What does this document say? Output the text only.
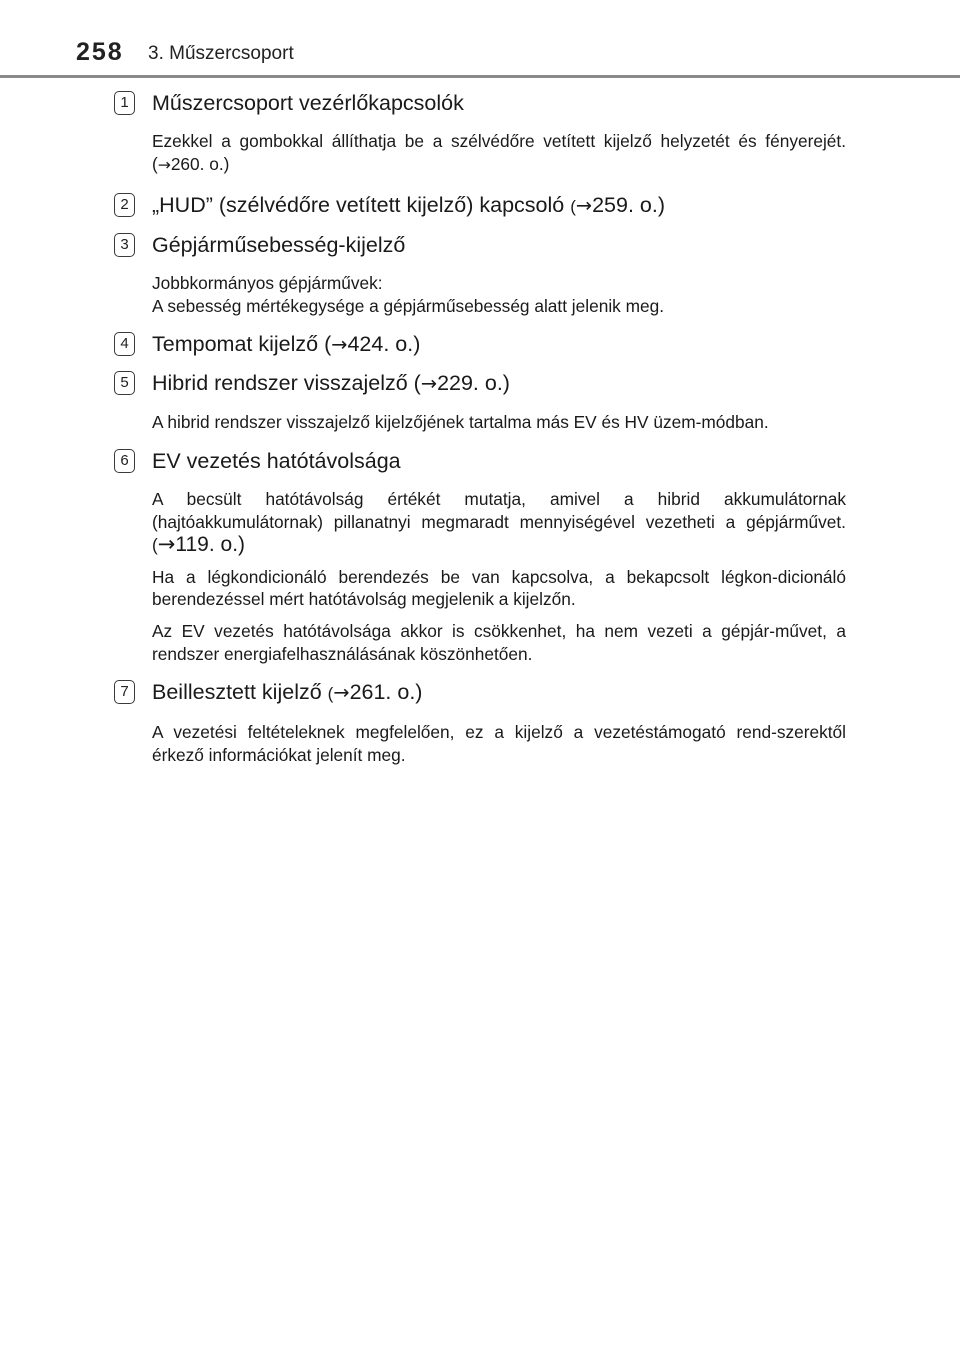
258 3. Műszercsoport
1 Műszercsoport vezérlőkapcsolók
Ezekkel a gombokkal állíthatja be a szélvédőre vetített kijelző helyzetét és fényerejét. (→260. o.)
2 „HUD” (szélvédőre vetített kijelző) kapcsoló (→259. o.)
3 Gépjárműsebesség-kijelző
Jobbkormányos gépjárművek:
A sebesség mértékegysége a gépjárműsebesség alatt jelenik meg.
4 Tempomat kijelző (→424. o.)
5 Hibrid rendszer visszajelző (→229. o.)
A hibrid rendszer visszajelző kijelzőjének tartalma más EV és HV üzem-módban.
6 EV vezetés hatótávolsága
A becsült hatótávolság értékét mutatja, amivel a hibrid akkumulátornak (hajtóakkumulátornak) pillanatnyi megmaradt mennyiségével vezetheti a gépjárművet. (→119. o.)
Ha a légkondicionáló berendezés be van kapcsolva, a bekapcsolt légkon-dicionáló berendezéssel mért hatótávolság megjelenik a kijelzőn.
Az EV vezetés hatótávolsága akkor is csökkenhet, ha nem vezeti a gépjár-művet, a rendszer energiafelhasználásának köszönhetően.
7 Beillesztett kijelző (→261. o.)
A vezetési feltételeknek megfelelően, ez a kijelző a vezetéstámogató rend-szerektől érkező információkat jelenít meg.
